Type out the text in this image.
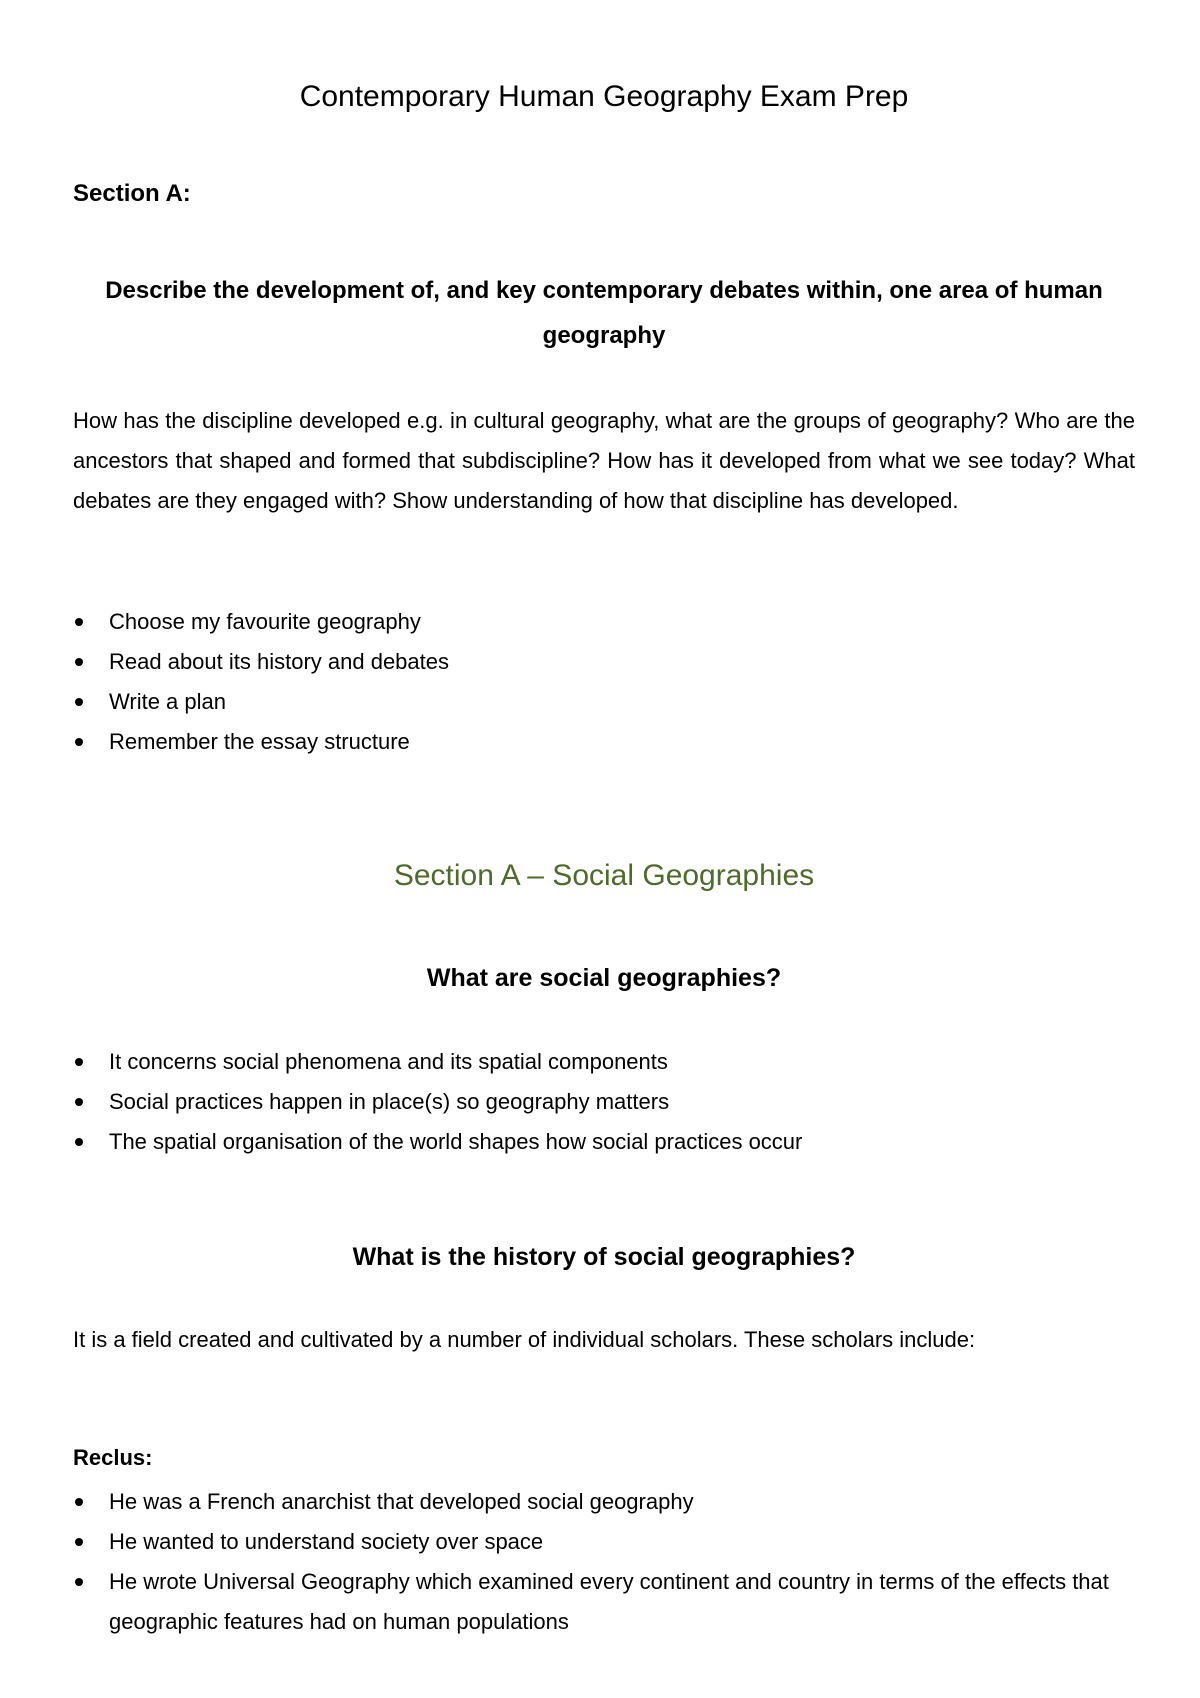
Contemporary Human Geography Exam Prep
Section A:
Describe the development of, and key contemporary debates within, one area of human geography

How has the discipline developed e.g. in cultural geography, what are the groups of geography? Who are the ancestors that shaped and formed that subdiscipline? How has it developed from what we see today? What debates are they engaged with? Show understanding of how that discipline has developed.

Choose my favourite geography
Read about its history and debates
Write a plan
Remember the essay structure
Section A – Social Geographies
What are social geographies?
It concerns social phenomena and its spatial components
Social practices happen in place(s) so geography matters
The spatial organisation of the world shapes how social practices occur
What is the history of social geographies?

It is a field created and cultivated by a number of individual scholars. These scholars include:

Reclus:

He was a French anarchist that developed social geography
He wanted to understand society over space
He wrote Universal Geography which examined every continent and country in terms of the effects that geographic features had on human populations
